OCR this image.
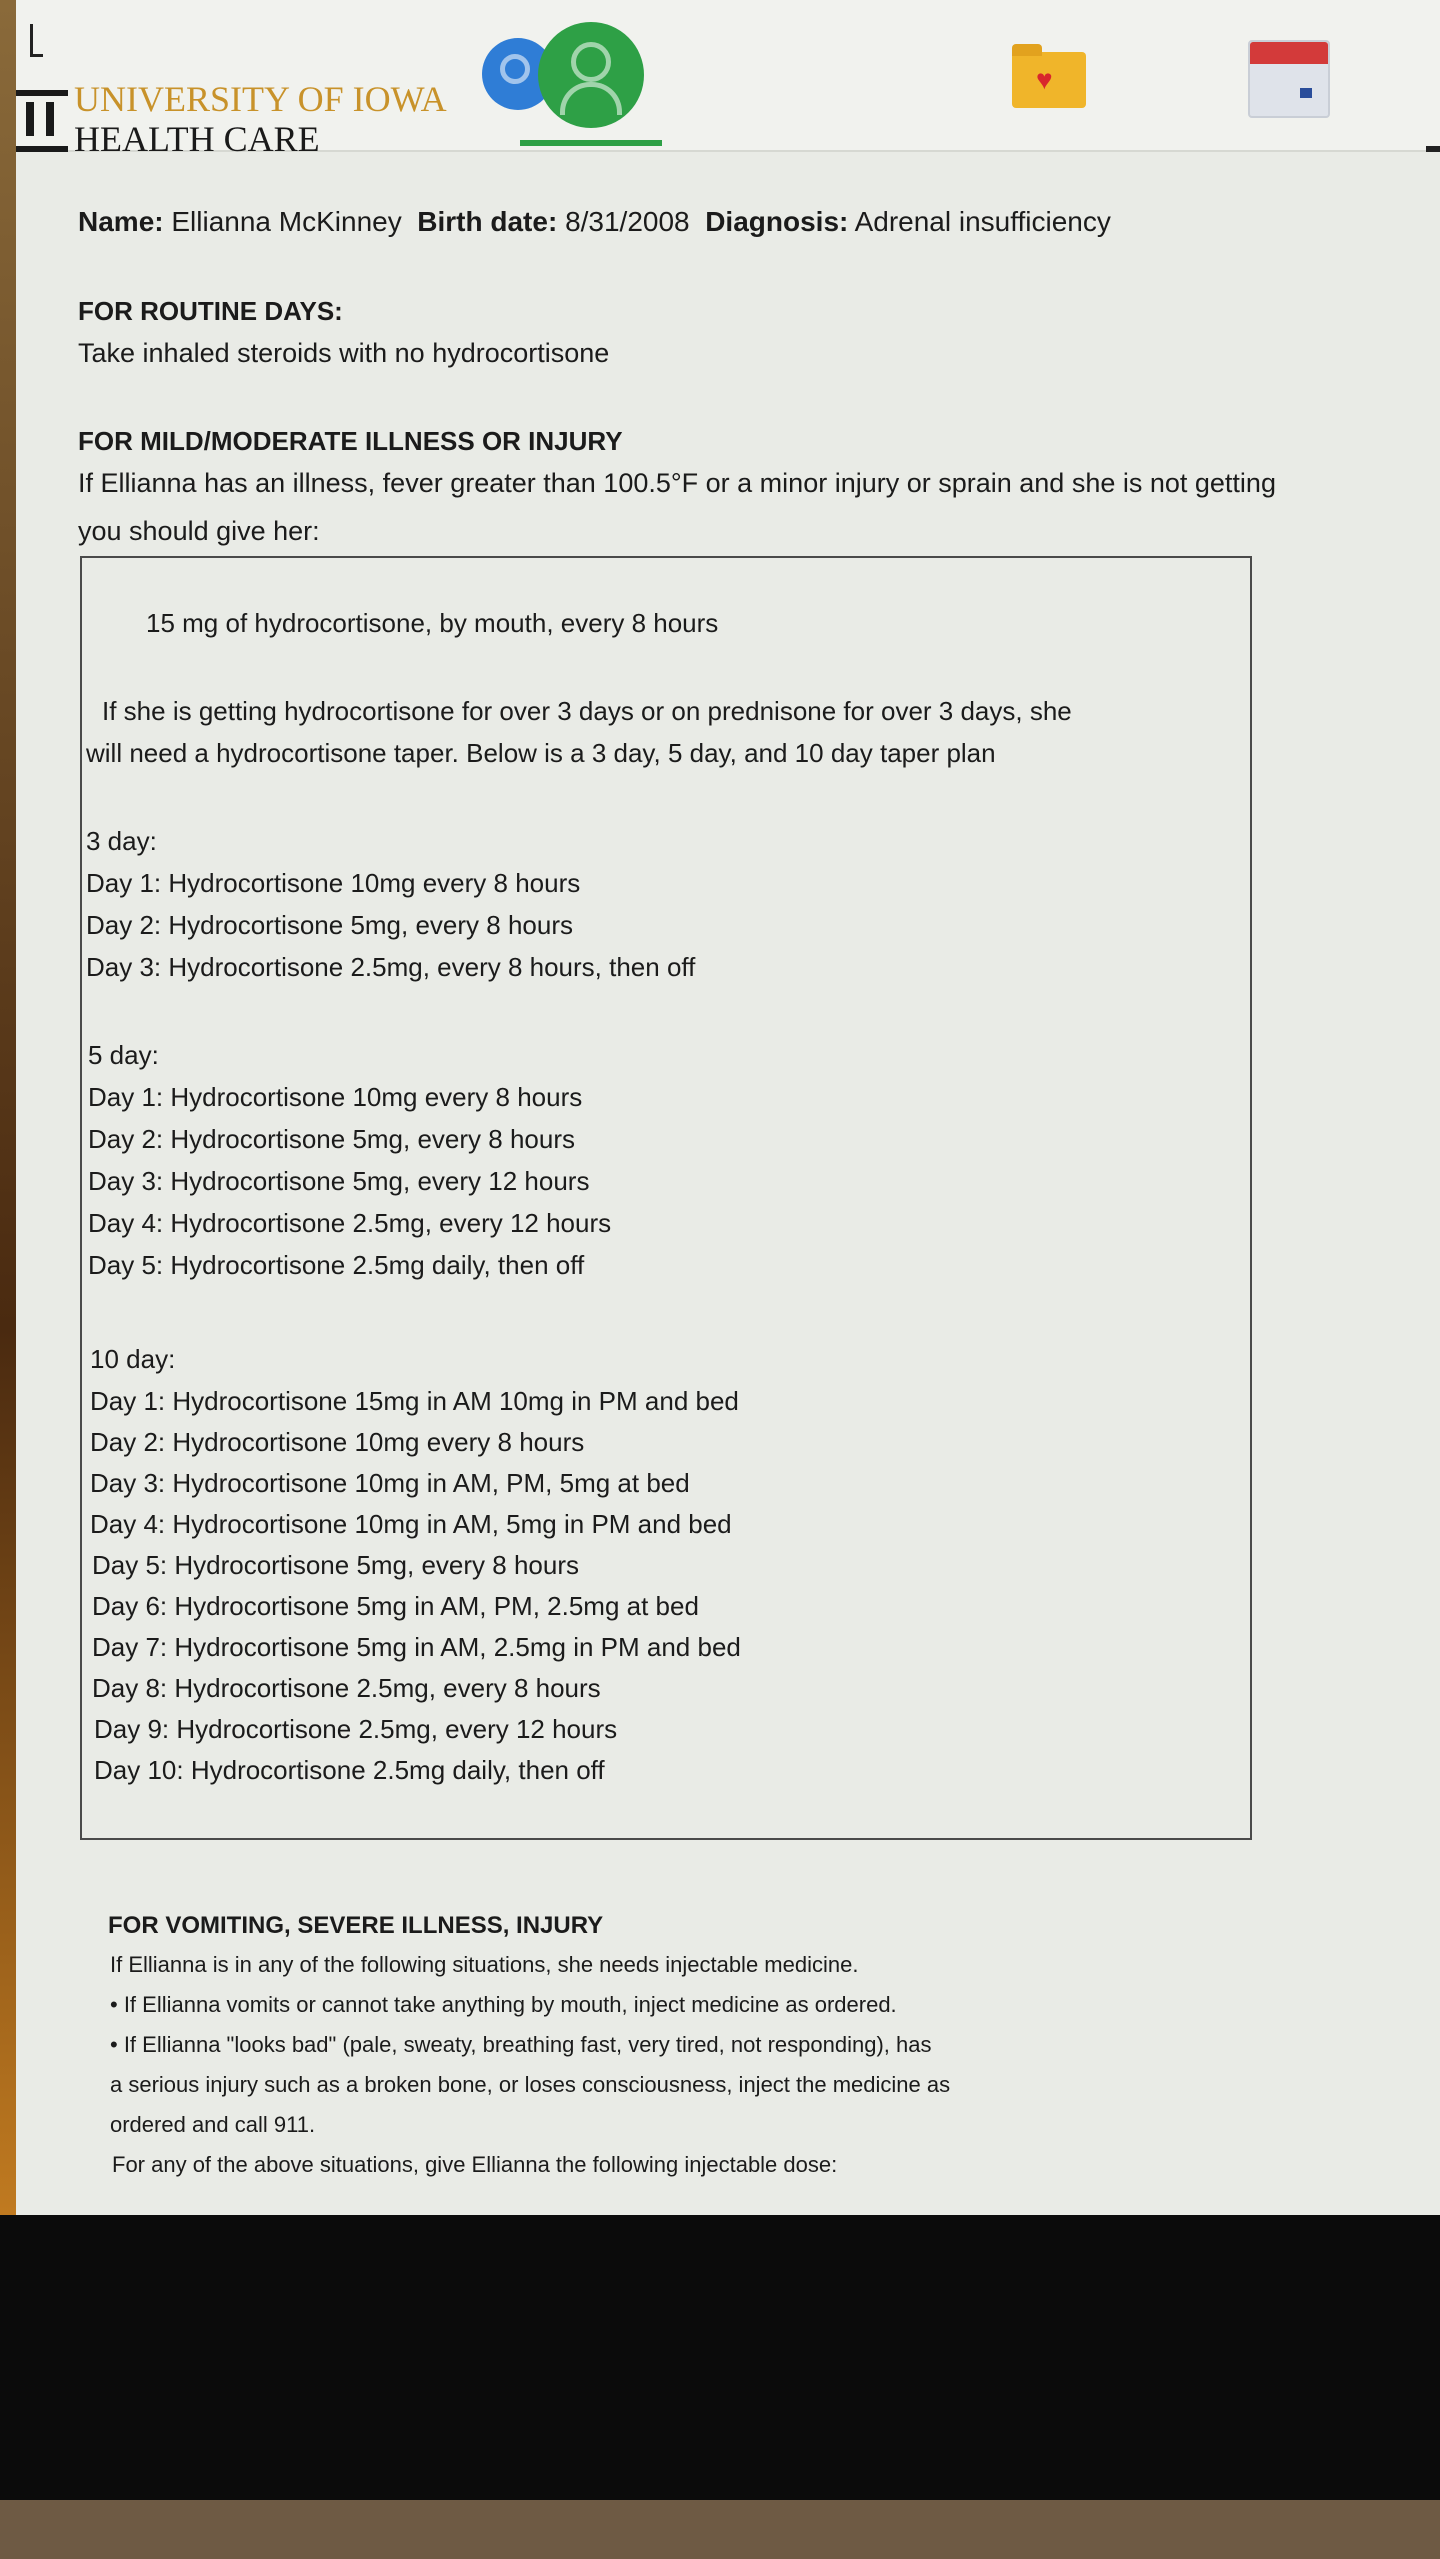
UNIVERSITY OF IOWA
HEALTH CARE
♥
Name: Ellianna McKinney Birth date: 8/31/2008 Diagnosis: Adrenal insufficiency
FOR ROUTINE DAYS:
Take inhaled steroids with no hydrocortisone
FOR MILD/MODERATE ILLNESS OR INJURY
If Ellianna has an illness, fever greater than 100.5°F or a minor injury or sprain and she is not getting
you should give her:
15 mg of hydrocortisone, by mouth, every 8 hours
If she is getting hydrocortisone for over 3 days or on prednisone for over 3 days, she
will need a hydrocortisone taper. Below is a 3 day, 5 day, and 10 day taper plan
3 day:
Day 1: Hydrocortisone 10mg every 8 hours
Day 2: Hydrocortisone 5mg, every 8 hours
Day 3: Hydrocortisone 2.5mg, every 8 hours, then off
5 day:
Day 1: Hydrocortisone 10mg every 8 hours
Day 2: Hydrocortisone 5mg, every 8 hours
Day 3: Hydrocortisone 5mg, every 12 hours
Day 4: Hydrocortisone 2.5mg, every 12 hours
Day 5: Hydrocortisone 2.5mg daily, then off
10 day:
Day 1: Hydrocortisone 15mg in AM 10mg in PM and bed
Day 2: Hydrocortisone 10mg every 8 hours
Day 3: Hydrocortisone 10mg in AM, PM, 5mg at bed
Day 4: Hydrocortisone 10mg in AM, 5mg in PM and bed
Day 5: Hydrocortisone 5mg, every 8 hours
Day 6: Hydrocortisone 5mg in AM, PM, 2.5mg at bed
Day 7: Hydrocortisone 5mg in AM, 2.5mg in PM and bed
Day 8: Hydrocortisone 2.5mg, every 8 hours
Day 9: Hydrocortisone 2.5mg, every 12 hours
Day 10: Hydrocortisone 2.5mg daily, then off
FOR VOMITING, SEVERE ILLNESS, INJURY
If Ellianna is in any of the following situations, she needs injectable medicine.
• If Ellianna vomits or cannot take anything by mouth, inject medicine as ordered.
• If Ellianna "looks bad" (pale, sweaty, breathing fast, very tired, not responding), has
a serious injury such as a broken bone, or loses consciousness, inject the medicine as
ordered and call 911.
For any of the above situations, give Ellianna the following injectable dose:
